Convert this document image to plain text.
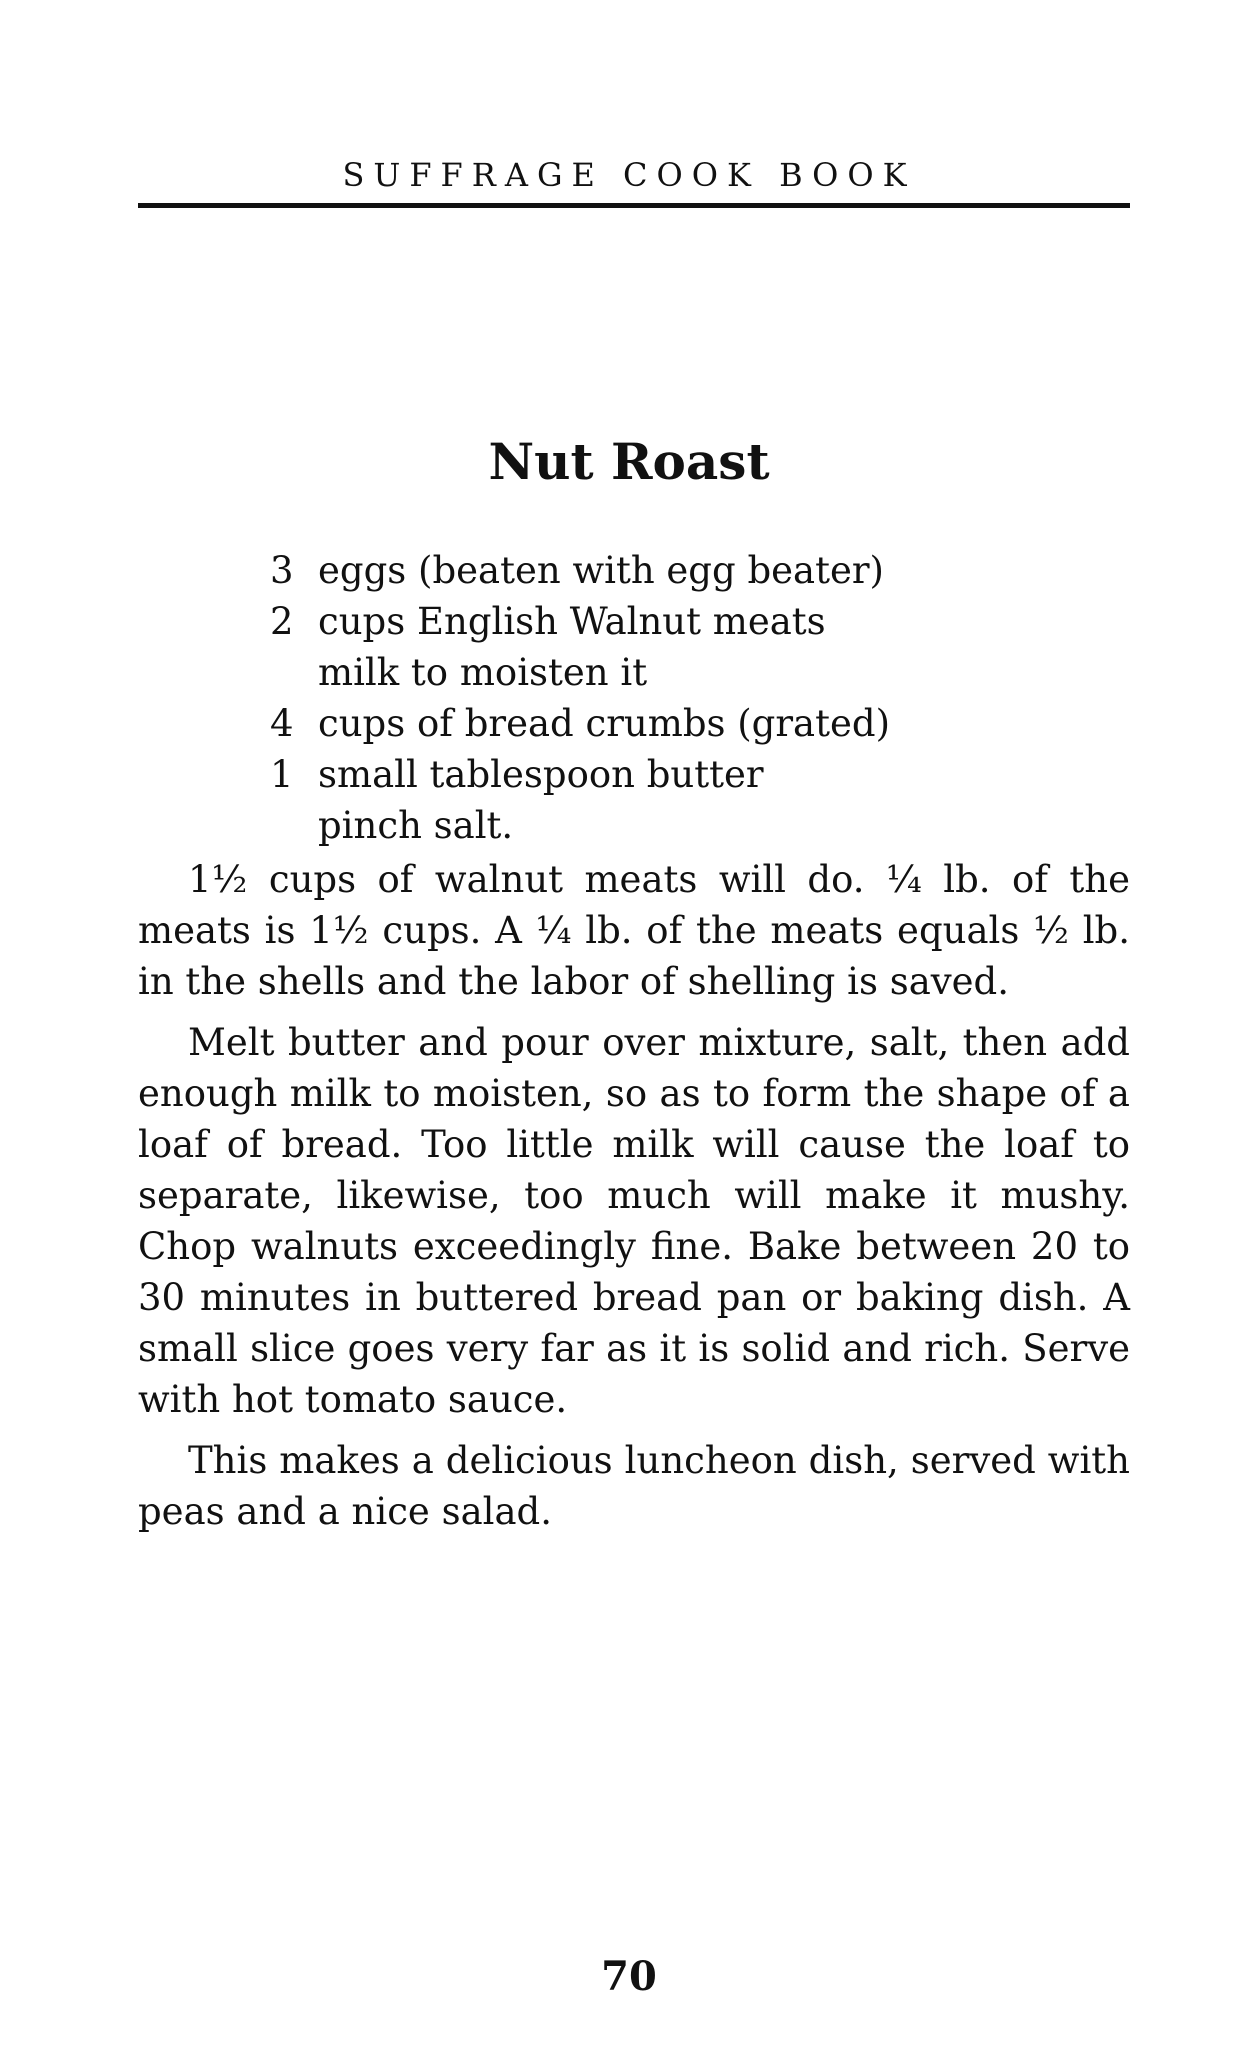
SUFFRAGE COOK BOOK
Nut Roast
3 eggs (beaten with egg beater)
2 cups English Walnut meats
milk to moisten it
4 cups of bread crumbs (grated)
1 small tablespoon butter
pinch salt.

1½ cups of walnut meats will do. ¼ lb. of the meats is 1½ cups. A ¼ lb. of the meats equals ½ lb. in the shells and the labor of shelling is saved.

Melt butter and pour over mixture, salt, then add enough milk to moisten, so as to form the shape of a loaf of bread. Too little milk will cause the loaf to separate, likewise, too much will make it mushy. Chop walnuts exceedingly fine. Bake between 20 to 30 minutes in buttered bread pan or baking dish. A small slice goes very far as it is solid and rich. Serve with hot tomato sauce.

This makes a delicious luncheon dish, served with peas and a nice salad.

70
